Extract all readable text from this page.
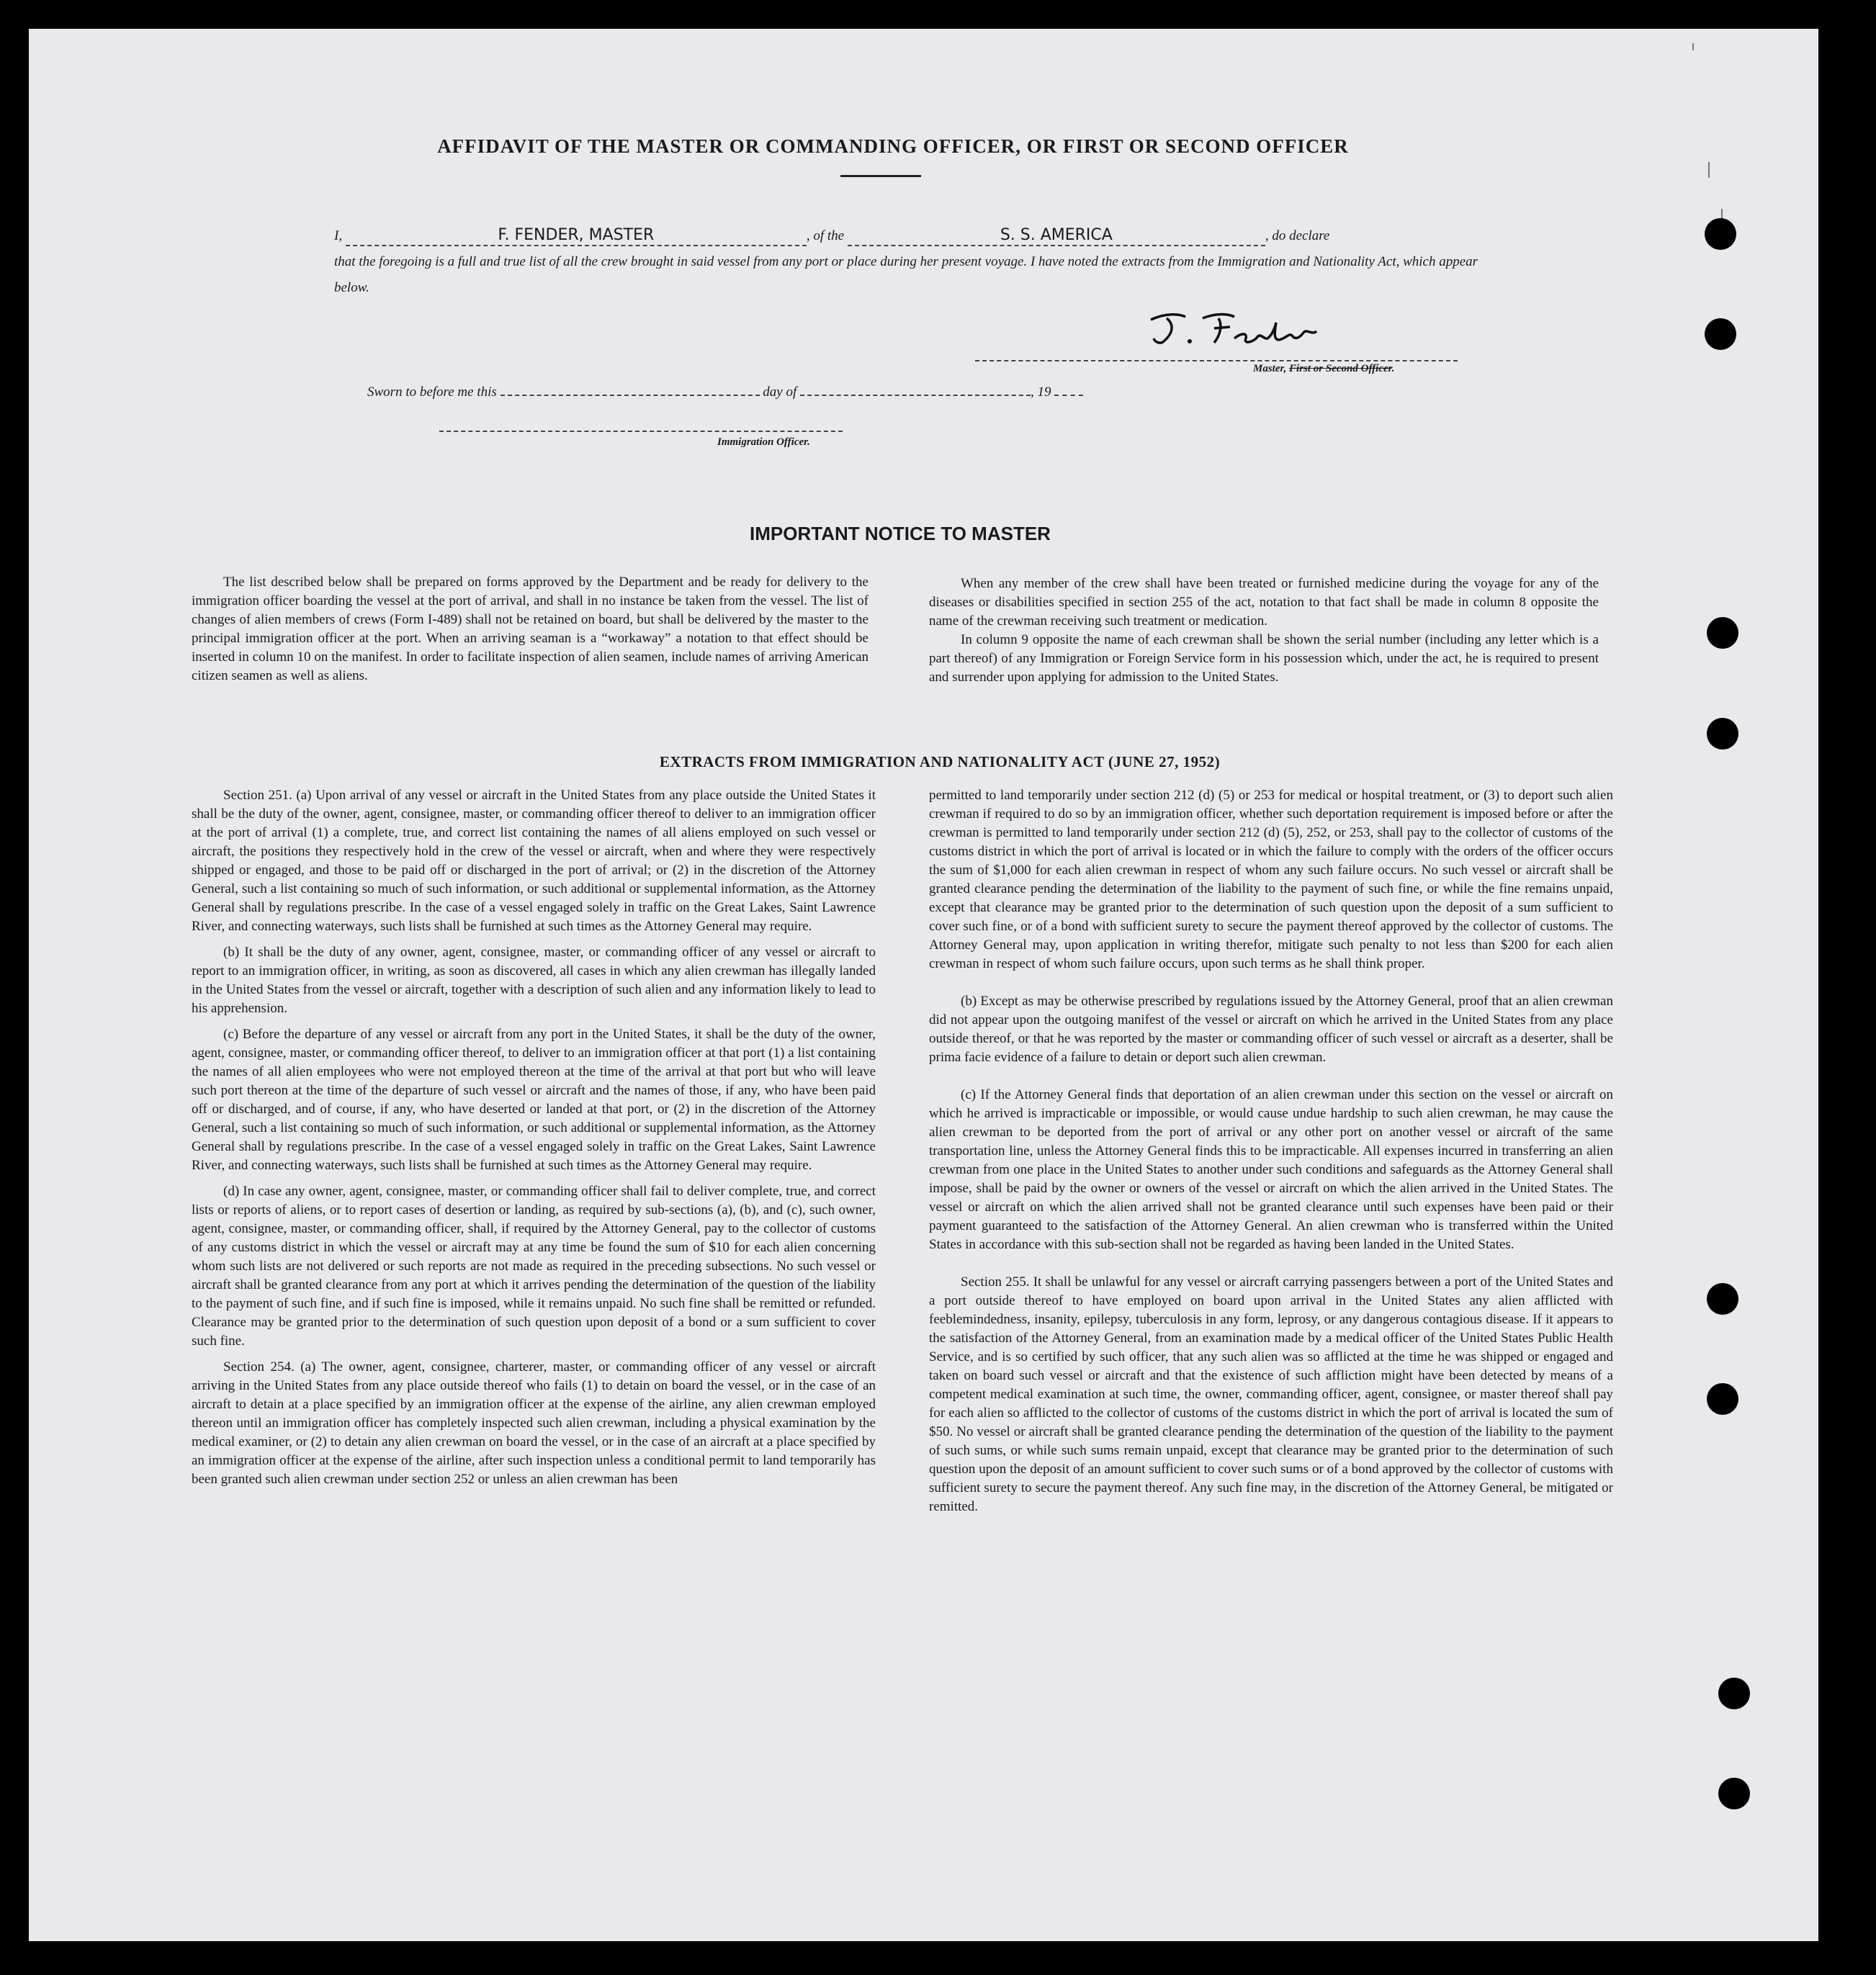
AFFIDAVIT OF THE MASTER OR COMMANDING OFFICER, OR FIRST OR SECOND OFFICER
I,	F. FENDER, MASTER	, of the	S. S. AMERICA	, do declare
that the foregoing is a full and true list of all the crew brought in said vessel from any port or place during her present voyage. I have noted the extracts from the Immigration and Nationality Act, which appear below.
Master, First or Second Officer.
Sworn to before me this	day of	, 19
Immigration Officer.
IMPORTANT NOTICE TO MASTER

The list described below shall be prepared on forms approved by the Department and be ready for delivery to the immigration officer boarding the vessel at the port of arrival, and shall in no instance be taken from the vessel. The list of changes of alien members of crews (Form I-489) shall not be retained on board, but shall be delivered by the master to the principal immigration officer at the port. When an arriving seaman is a “workaway” a notation to that effect should be inserted in column 10 on the manifest. In order to facilitate inspection of alien seamen, include names of arriving American citizen seamen as well as aliens.

When any member of the crew shall have been treated or furnished medicine during the voyage for any of the diseases or disabilities specified in section 255 of the act, notation to that fact shall be made in column 8 opposite the name of the crewman receiving such treatment or medication.

In column 9 opposite the name of each crewman shall be shown the serial number (including any letter which is a part thereof) of any Immigration or Foreign Service form in his possession which, under the act, he is required to present and surrender upon applying for admission to the United States.

EXTRACTS FROM IMMIGRATION AND NATIONALITY ACT (JUNE 27, 1952)

Section 251. (a) Upon arrival of any vessel or aircraft in the United States from any place outside the United States it shall be the duty of the owner, agent, consignee, master, or commanding officer thereof to deliver to an immigration officer at the port of arrival (1) a complete, true, and correct list containing the names of all aliens employed on such vessel or aircraft, the positions they respectively hold in the crew of the vessel or aircraft, when and where they were respectively shipped or engaged, and those to be paid off or discharged in the port of arrival; or (2) in the discretion of the Attorney General, such a list containing so much of such information, or such additional or supplemental information, as the Attorney General shall by regulations prescribe. In the case of a vessel engaged solely in traffic on the Great Lakes, Saint Lawrence River, and connecting waterways, such lists shall be furnished at such times as the Attorney General may require.

(b) It shall be the duty of any owner, agent, consignee, master, or commanding officer of any vessel or aircraft to report to an immigration officer, in writing, as soon as discovered, all cases in which any alien crewman has illegally landed in the United States from the vessel or aircraft, together with a description of such alien and any information likely to lead to his apprehension.

(c) Before the departure of any vessel or aircraft from any port in the United States, it shall be the duty of the owner, agent, consignee, master, or commanding officer thereof, to deliver to an immigration officer at that port (1) a list containing the names of all alien employees who were not employed thereon at the time of the arrival at that port but who will leave such port thereon at the time of the departure of such vessel or aircraft and the names of those, if any, who have been paid off or discharged, and of course, if any, who have deserted or landed at that port, or (2) in the discretion of the Attorney General, such a list containing so much of such information, or such additional or supplemental information, as the Attorney General shall by regulations prescribe. In the case of a vessel engaged solely in traffic on the Great Lakes, Saint Lawrence River, and connecting waterways, such lists shall be furnished at such times as the Attorney General may require.

(d) In case any owner, agent, consignee, master, or commanding officer shall fail to deliver complete, true, and correct lists or reports of aliens, or to report cases of desertion or landing, as required by sub-sections (a), (b), and (c), such owner, agent, consignee, master, or commanding officer, shall, if required by the Attorney General, pay to the collector of customs of any customs district in which the vessel or aircraft may at any time be found the sum of $10 for each alien concerning whom such lists are not delivered or such reports are not made as required in the preceding subsections. No such vessel or aircraft shall be granted clearance from any port at which it arrives pending the determination of the question of the liability to the payment of such fine, and if such fine is imposed, while it remains unpaid. No such fine shall be remitted or refunded. Clearance may be granted prior to the determination of such question upon deposit of a bond or a sum sufficient to cover such fine.

Section 254. (a) The owner, agent, consignee, charterer, master, or commanding officer of any vessel or aircraft arriving in the United States from any place outside thereof who fails (1) to detain on board the vessel, or in the case of an aircraft to detain at a place specified by an immigration officer at the expense of the airline, any alien crewman employed thereon until an immigration officer has completely inspected such alien crewman, including a physical examination by the medical examiner, or (2) to detain any alien crewman on board the vessel, or in the case of an aircraft at a place specified by an immigration officer at the expense of the airline, after such inspection unless a conditional permit to land temporarily has been granted such alien crewman under section 252 or unless an alien crewman has been

permitted to land temporarily under section 212 (d) (5) or 253 for medical or hospital treatment, or (3) to deport such alien crewman if required to do so by an immigration officer, whether such deportation requirement is imposed before or after the crewman is permitted to land temporarily under section 212 (d) (5), 252, or 253, shall pay to the collector of customs of the customs district in which the port of arrival is located or in which the failure to comply with the orders of the officer occurs the sum of $1,000 for each alien crewman in respect of whom any such failure occurs. No such vessel or aircraft shall be granted clearance pending the determination of the liability to the payment of such fine, or while the fine remains unpaid, except that clearance may be granted prior to the determination of such question upon the deposit of a sum sufficient to cover such fine, or of a bond with sufficient surety to secure the payment thereof approved by the collector of customs. The Attorney General may, upon application in writing therefor, mitigate such penalty to not less than $200 for each alien crewman in respect of whom such failure occurs, upon such terms as he shall think proper.

(b) Except as may be otherwise prescribed by regulations issued by the Attorney General, proof that an alien crewman did not appear upon the outgoing manifest of the vessel or aircraft on which he arrived in the United States from any place outside thereof, or that he was reported by the master or commanding officer of such vessel or aircraft as a deserter, shall be prima facie evidence of a failure to detain or deport such alien crewman.

(c) If the Attorney General finds that deportation of an alien crewman under this section on the vessel or aircraft on which he arrived is impracticable or impossible, or would cause undue hardship to such alien crewman, he may cause the alien crewman to be deported from the port of arrival or any other port on another vessel or aircraft of the same transportation line, unless the Attorney General finds this to be impracticable. All expenses incurred in transferring an alien crewman from one place in the United States to another under such conditions and safeguards as the Attorney General shall impose, shall be paid by the owner or owners of the vessel or aircraft on which the alien arrived in the United States. The vessel or aircraft on which the alien arrived shall not be granted clearance until such expenses have been paid or their payment guaranteed to the satisfaction of the Attorney General. An alien crewman who is transferred within the United States in accordance with this sub-section shall not be regarded as having been landed in the United States.

Section 255. It shall be unlawful for any vessel or aircraft carrying passengers between a port of the United States and a port outside thereof to have employed on board upon arrival in the United States any alien afflicted with feeblemindedness, insanity, epilepsy, tuberculosis in any form, leprosy, or any dangerous contagious disease. If it appears to the satisfaction of the Attorney General, from an examination made by a medical officer of the United States Public Health Service, and is so certified by such officer, that any such alien was so afflicted at the time he was shipped or engaged and taken on board such vessel or aircraft and that the existence of such affliction might have been detected by means of a competent medical examination at such time, the owner, commanding officer, agent, consignee, or master thereof shall pay for each alien so afflicted to the collector of customs of the customs district in which the port of arrival is located the sum of $50. No vessel or aircraft shall be granted clearance pending the determination of the question of the liability to the payment of such sums, or while such sums remain unpaid, except that clearance may be granted prior to the determination of such question upon the deposit of an amount sufficient to cover such sums or of a bond approved by the collector of customs with sufficient surety to secure the payment thereof. Any such fine may, in the discretion of the Attorney General, be mitigated or remitted.
